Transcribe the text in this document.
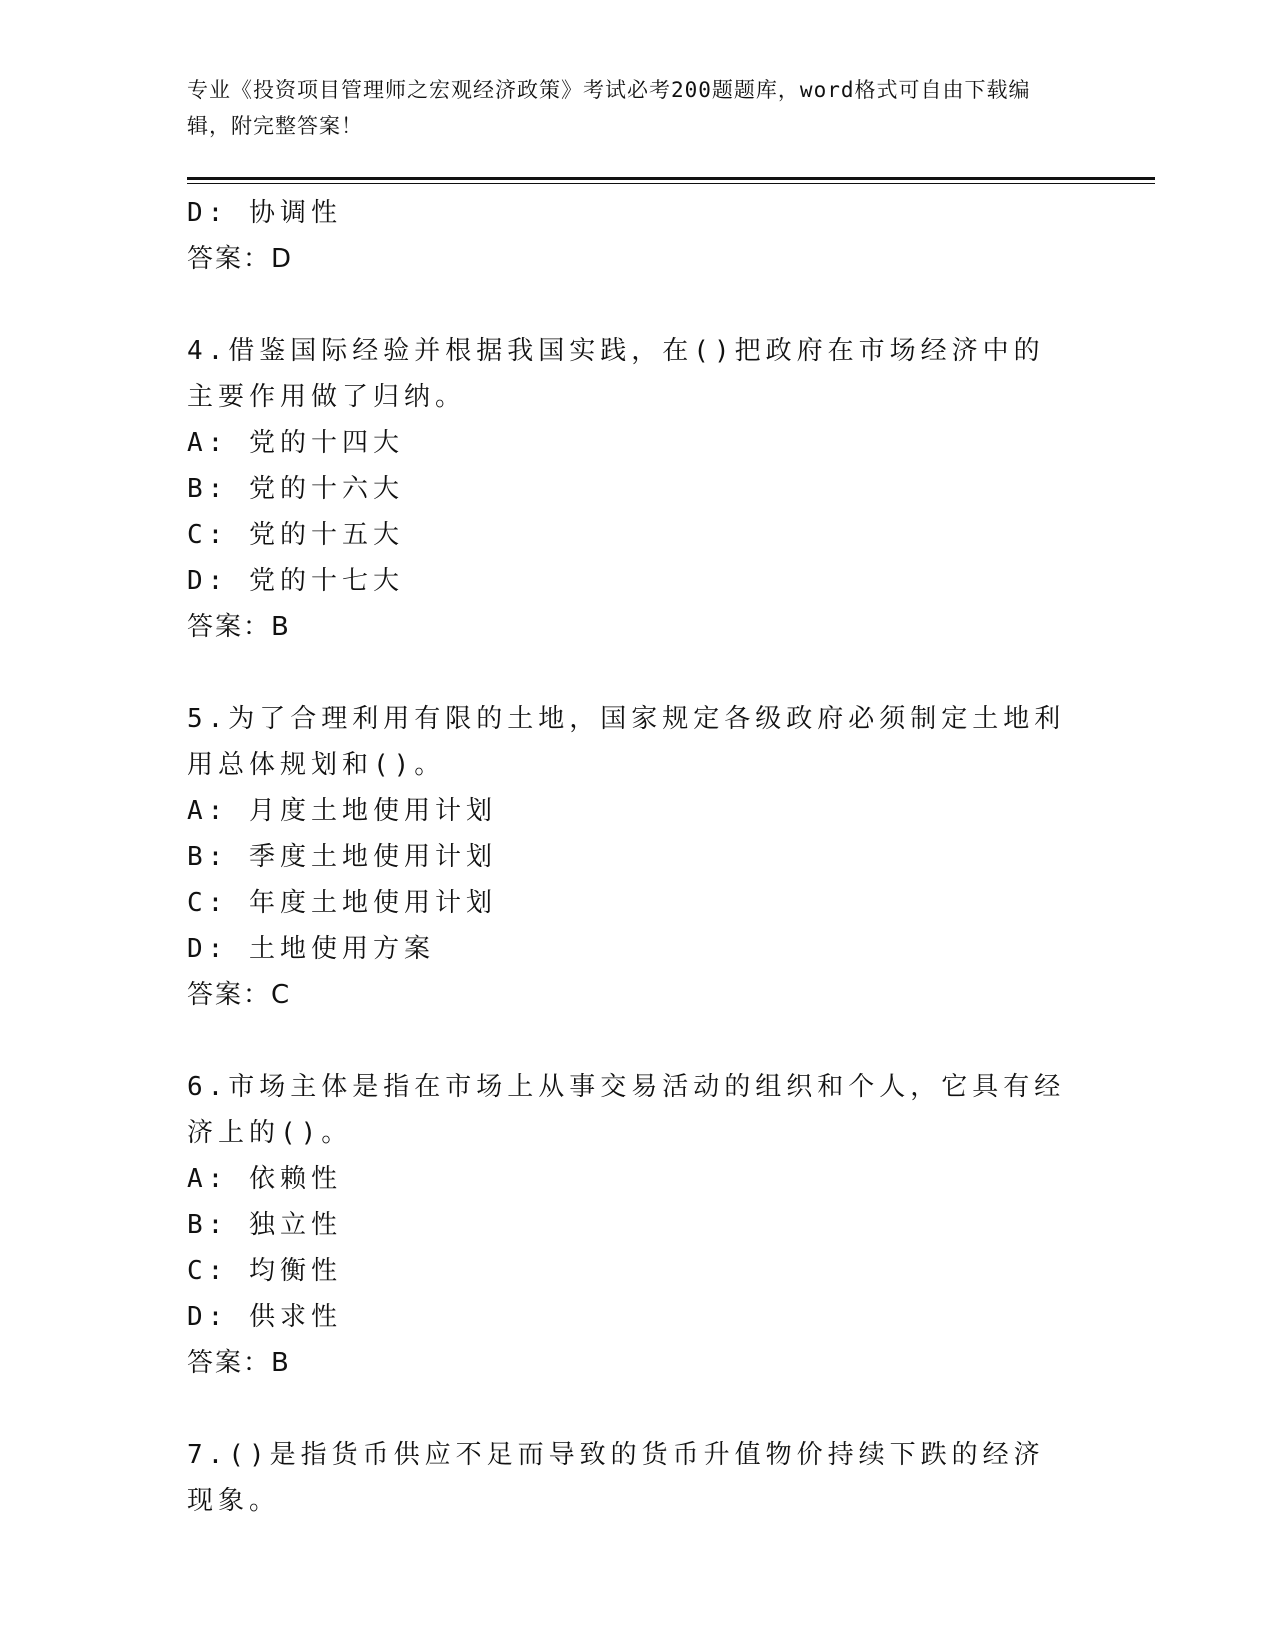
专业《投资项目管理师之宏观经济政策》考试必考200题题库，word格式可自由下载编辑，附完整答案！
D: 协调性
答案：D
4.借鉴国际经验并根据我国实践，在()把政府在市场经济中的主要作用做了归纳。
A: 党的十四大
B: 党的十六大
C: 党的十五大
D: 党的十七大
答案：B
5.为了合理利用有限的土地，国家规定各级政府必须制定土地利用总体规划和()。
A: 月度土地使用计划
B: 季度土地使用计划
C: 年度土地使用计划
D: 土地使用方案
答案：C
6.市场主体是指在市场上从事交易活动的组织和个人，它具有经济上的()。
A: 依赖性
B: 独立性
C: 均衡性
D: 供求性
答案：B
7.()是指货币供应不足而导致的货币升值物价持续下跌的经济现象。
